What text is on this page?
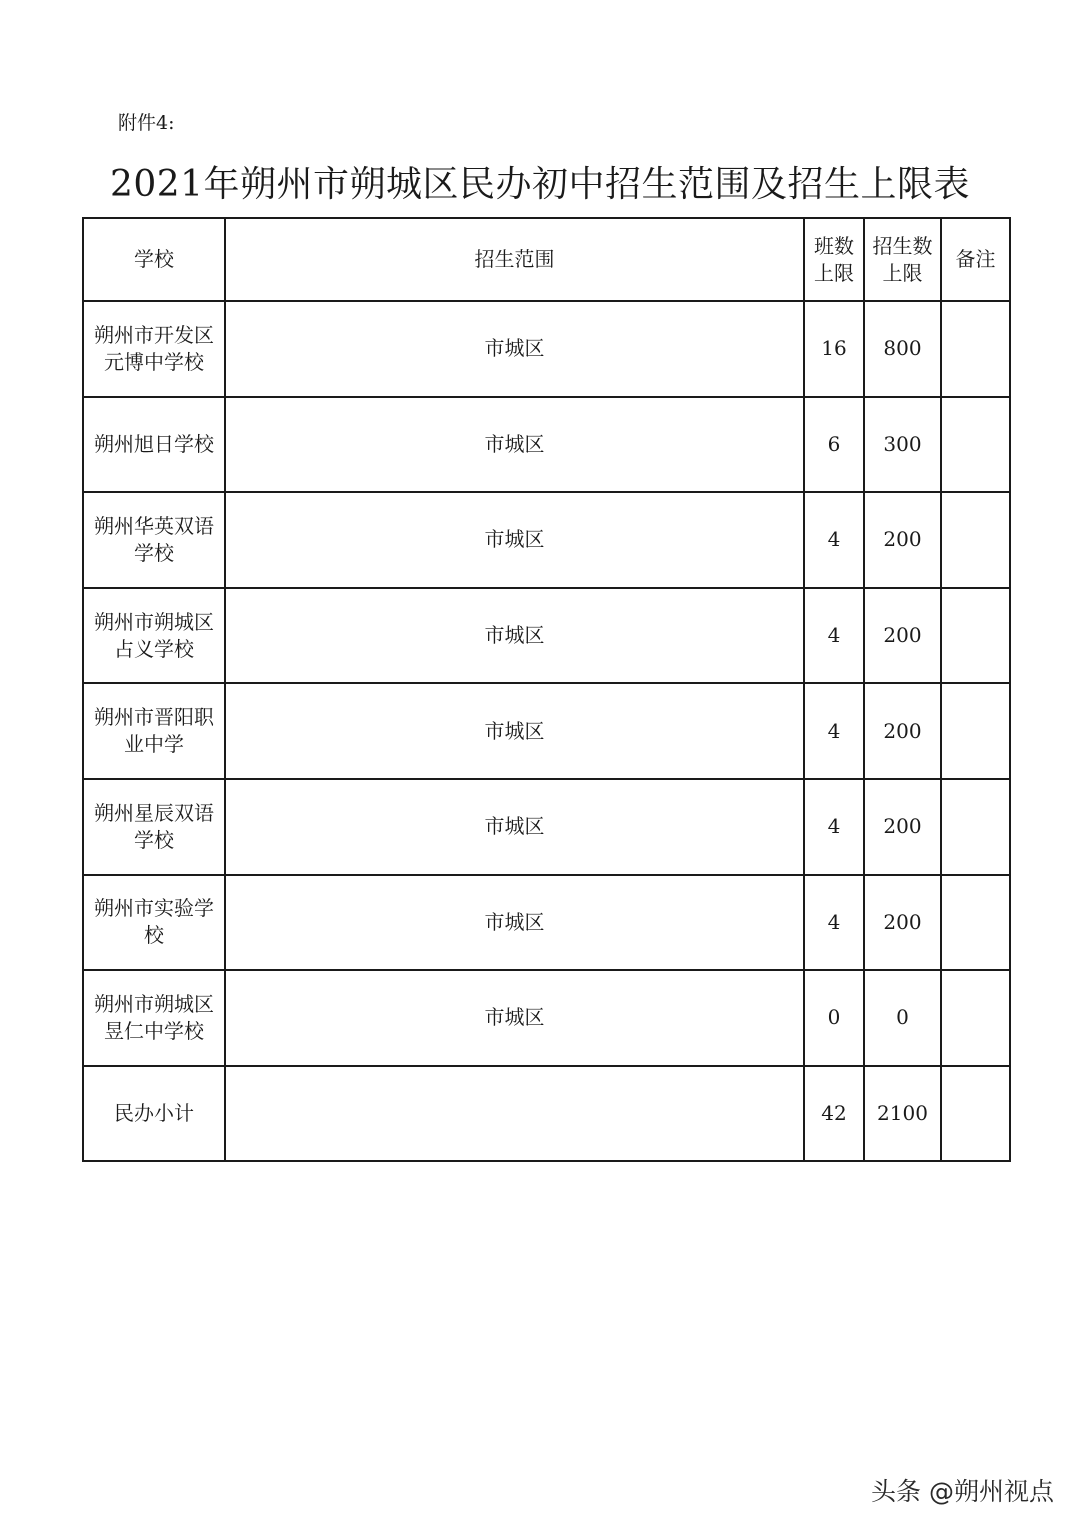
附件4:
2021年朔州市朔城区民办初中招生范围及招生上限表
学校	招生范围	班数上限	招生数上限	备注
朔州市开发区元博中学校	市城区	16	800	
朔州旭日学校	市城区	6	300	
朔州华英双语学校	市城区	4	200	
朔州市朔城区占义学校	市城区	4	200	
朔州市晋阳职业中学	市城区	4	200	
朔州星辰双语学校	市城区	4	200	
朔州市实验学校	市城区	4	200	
朔州市朔城区昱仁中学校	市城区	0	0	
民办小计		42	2100	
头条 @朔州视点
